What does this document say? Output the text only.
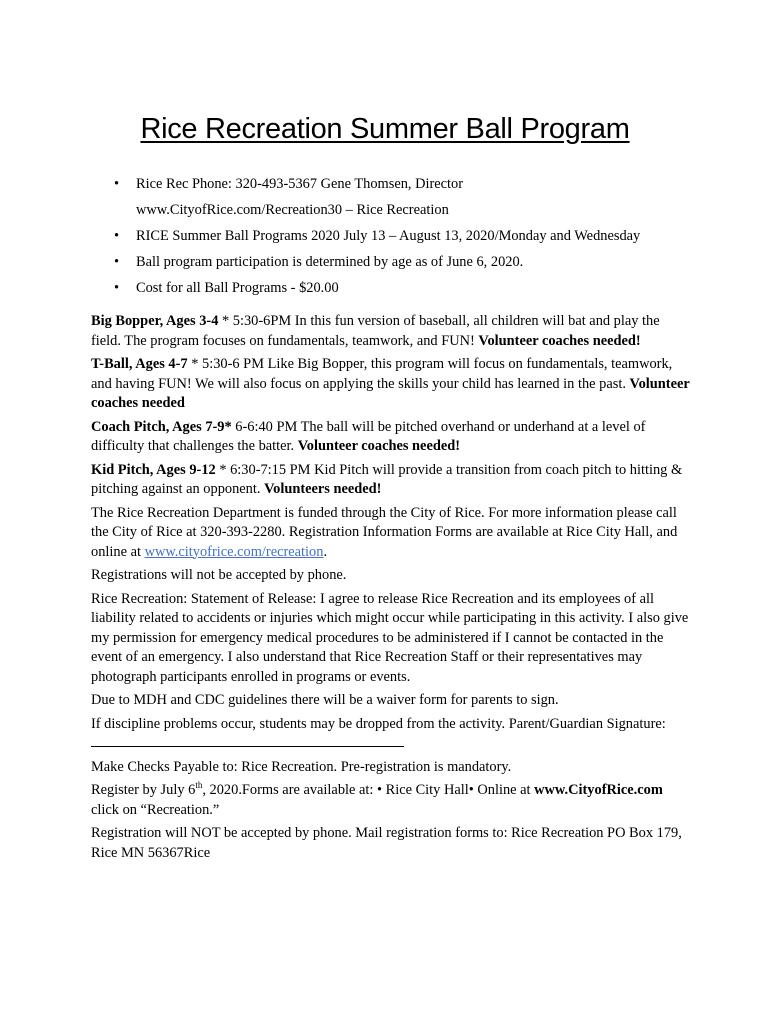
Rice Recreation Summer Ball Program
• Rice Rec Phone: 320-493-5367 Gene Thomsen, Director
www.CityofRice.com/Recreation30 – Rice Recreation
• RICE Summer Ball Programs 2020 July 13 – August 13, 2020/Monday and Wednesday
• Ball program participation is determined by age as of June 6, 2020.
• Cost for all Ball Programs - $20.00

Big Bopper, Ages 3-4 * 5:30-6PM In this fun version of baseball, all children will bat and play the field. The program focuses on fundamentals, teamwork, and FUN! Volunteer coaches needed!

T-Ball, Ages 4-7 * 5:30-6 PM Like Big Bopper, this program will focus on fundamentals, teamwork, and having FUN! We will also focus on applying the skills your child has learned in the past. Volunteer coaches needed

Coach Pitch, Ages 7-9* 6-6:40 PM The ball will be pitched overhand or underhand at a level of difficulty that challenges the batter. Volunteer coaches needed!

Kid Pitch, Ages 9-12 * 6:30-7:15 PM Kid Pitch will provide a transition from coach pitch to hitting & pitching against an opponent. Volunteers needed!

The Rice Recreation Department is funded through the City of Rice. For more information please call the City of Rice at 320-393-2280. Registration Information Forms are available at Rice City Hall, and online at www.cityofrice.com/recreation.

Registrations will not be accepted by phone.

Rice Recreation: Statement of Release: I agree to release Rice Recreation and its employees of all liability related to accidents or injuries which might occur while participating in this activity. I also give my permission for emergency medical procedures to be administered if I cannot be contacted in the event of an emergency. I also understand that Rice Recreation Staff or their representatives may photograph participants enrolled in programs or events.

Due to MDH and CDC guidelines there will be a waiver form for parents to sign.

If discipline problems occur, students may be dropped from the activity. Parent/Guardian Signature:

Make Checks Payable to: Rice Recreation. Pre-registration is mandatory.

Register by July 6th, 2020.Forms are available at: • Rice City Hall• Online at www.CityofRice.com click on “Recreation.”

Registration will NOT be accepted by phone. Mail registration forms to: Rice Recreation PO Box 179, Rice MN 56367Rice
